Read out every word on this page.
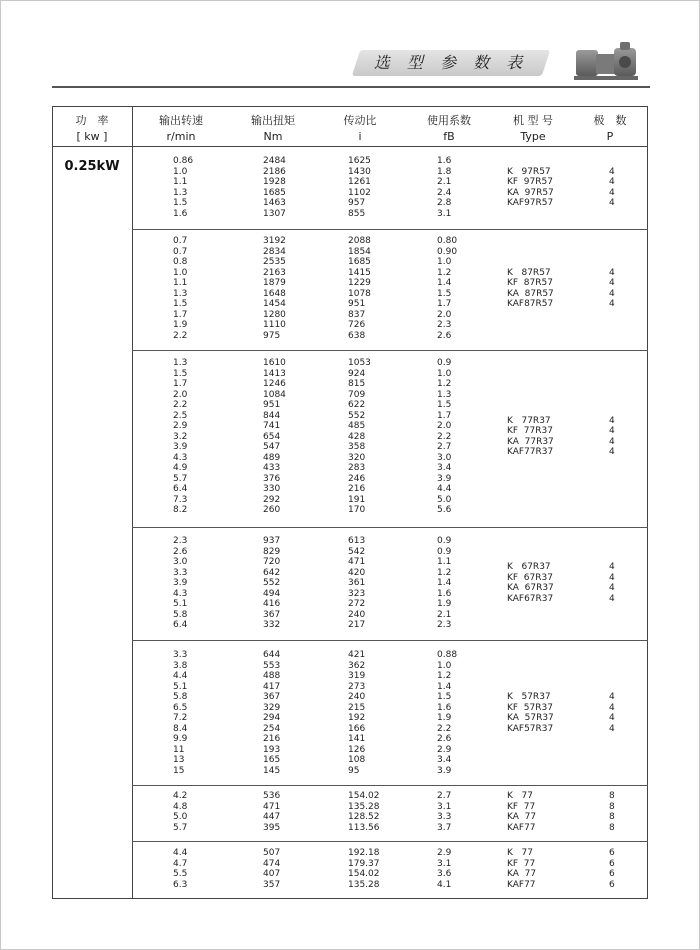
选 型 参 数 表
功　率
[ kw ]
输出转速
r/min
输出扭矩
Nm
传动比
i
使用系数
fB
机 型 号
Type
极　数
P
0.25kW	0.86
1.0
1.1
1.3
1.5
1.6
2484
2186
1928
1685
1463
1307
1625
1430
1261
1102
957
855
1.6
1.8
2.1
2.4
2.8
3.1
K   97R57
KF  97R57
KA  97R57
KAF97R57
4
4
4
4
0.7
0.7
0.8
1.0
1.1
1.3
1.5
1.7
1.9
2.2
3192
2834
2535
2163
1879
1648
1454
1280
1110
975
2088
1854
1685
1415
1229
1078
951
837
726
638
0.80
0.90
1.0
1.2
1.4
1.5
1.7
2.0
2.3
2.6
K   87R57
KF  87R57
KA  87R57
KAF87R57
4
4
4
4
1.3
1.5
1.7
2.0
2.2
2.5
2.9
3.2
3.9
4.3
4.9
5.7
6.4
7.3
8.2
1610
1413
1246
1084
951
844
741
654
547
489
433
376
330
292
260
1053
924
815
709
622
552
485
428
358
320
283
246
216
191
170
0.9
1.0
1.2
1.3
1.5
1.7
2.0
2.2
2.7
3.0
3.4
3.9
4.4
5.0
5.6
K   77R37
KF  77R37
KA  77R37
KAF77R37
4
4
4
4
2.3
2.6
3.0
3.3
3.9
4.3
5.1
5.8
6.4
937
829
720
642
552
494
416
367
332
613
542
471
420
361
323
272
240
217
0.9
0.9
1.1
1.2
1.4
1.6
1.9
2.1
2.3
K   67R37
KF  67R37
KA  67R37
KAF67R37
4
4
4
4
3.3
3.8
4.4
5.1
5.8
6.5
7.2
8.4
9.9
11
13
15
644
553
488
417
367
329
294
254
216
193
165
145
421
362
319
273
240
215
192
166
141
126
108
95
0.88
1.0
1.2
1.4
1.5
1.6
1.9
2.2
2.6
2.9
3.4
3.9
K   57R37
KF  57R37
KA  57R37
KAF57R37
4
4
4
4
4.2
4.8
5.0
5.7
536
471
447
395
154.02
135.28
128.52
113.56
2.7
3.1
3.3
3.7
K   77
KF  77
KA  77
KAF77
8
8
8
8
4.4
4.7
5.5
6.3
507
474
407
357
192.18
179.37
154.02
135.28
2.9
3.1
3.6
4.1
K   77
KF  77
KA  77
KAF77
6
6
6
6
